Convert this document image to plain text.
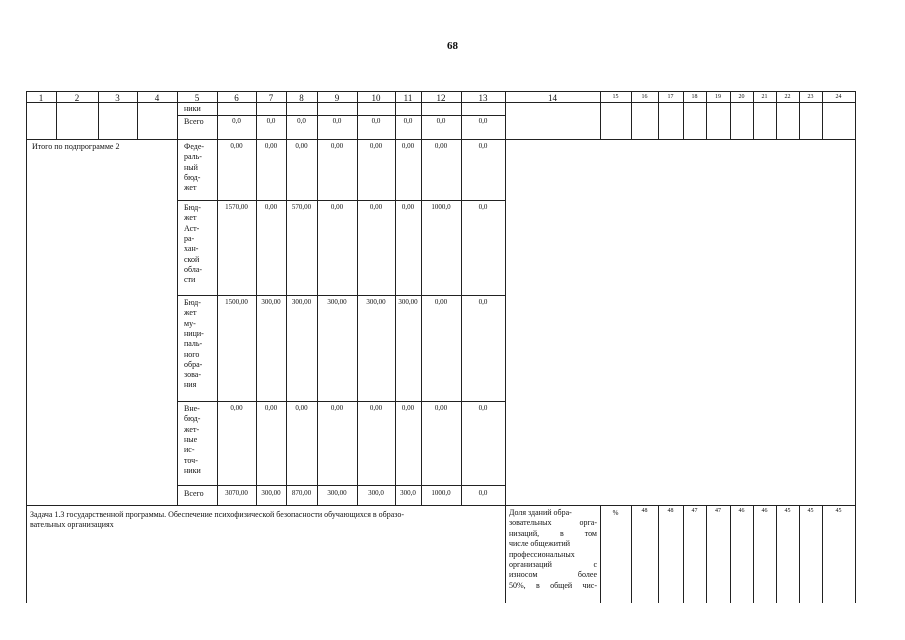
68
1	2	3	4	5	6	7	8	9	10	11	12	13	14	15	16	17	18	19	20	21	22	23	24
ники
Всего	0,0	0,0	0,0	0,0	0,0	0,0	0,0	0,0
Итого по подпрограмме 2	Феде-
раль-
ный
бюд-
жет
0,00	0,00	0,00	0,00	0,00	0,00	0,00	0,0
Бюд-
жет
Аст-
ра-
хан-
ской
обла-
сти
1570,00	0,00	570,00	0,00	0,00	0,00	1000,0	0,0
Бюд-
жет
му-
ници-
паль-
ного
обра-
зова-
ния
1500,00	300,00	300,00	300,00	300,00	300,00	0,00	0,0
Вне-
бюд-
жет-
ные
ис-
точ-
ники
0,00	0,00	0,00	0,00	0,00	0,00	0,00	0,0
Всего	3070,00	300,00	870,00	300,00	300,0	300,0	1000,0	0,0
Задача 1.3 государственной программы. Обеспечение психофизической безопасности обучающихся в образо-
вательных организациях
Доля зданий обра-
зовательных орга-
низаций, в том
числе общежитий
профессиональных
организаций с
износом более
50%, в общей чис-
%	48	48	47	47	46	46	45	45	45
